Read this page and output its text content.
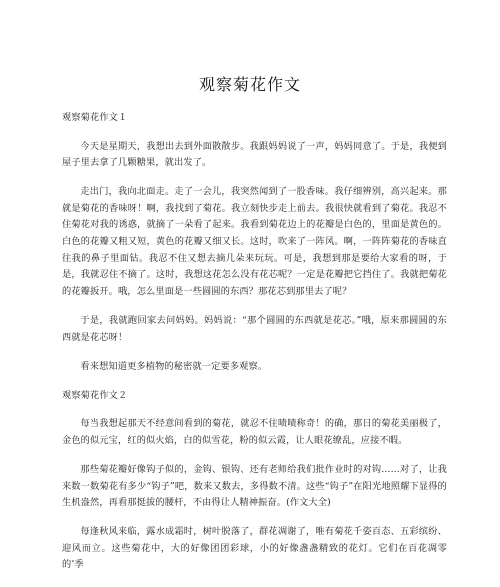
观察菊花作文

观察菊花作文１

今天是星期天，我想出去到外面散散步。我跟妈妈说了一声，妈妈同意了。于是，我便到屋子里去拿了几颗糖果，就出发了。

走出门，我向北面走。走了一会儿，我突然闻到了一股香味。我仔细辨别，高兴起来。那就是菊花的香味呀！啊，我找到了菊花。我立刻快步走上前去。我很快就看到了菊花。我忍不住菊花对我的诱惑，就摘了一朵看了起来。我看到菊花边上的花瓣是白色的，里面是黄色的。白色的花瓣又粗又短，黄色的花瓣又细又长。这时，吹来了一阵风。啊，一阵阵菊花的香味直往我的鼻子里面钻。我忍不住又想去摘几朵来玩玩。可是，我想到那是要给大家看的呀，于是，我就忍住不摘了。这时，我想这花怎么没有花芯呢？一定是花瓣把它挡住了。我就把菊花的花瓣扳开。哦，怎么里面是一些圆圆的东西？那花芯到那里去了呢？

于是，我就跑回家去问妈妈。妈妈说：“那个圆圆的东西就是花芯。”哦，原来那圆圆的东西就是花芯呀！

看来想知道更多植物的秘密就一定要多观察。

观察菊花作文２

每当我想起那天不经意间看到的菊花，就忍不住啧啧称奇！的确，那日的菊花美丽极了，金色的似元宝，红的似火焰，白的似雪花，粉的似云霞，让人眼花缭乱，应接不暇。

那些菊花瓣好像钩子似的，金钩、银钩、还有老师给我们批作业时的对钩……对了，让我来数一数菊花有多少“钩子”吧，数来又数去，多得数不清。这些“钩子”在阳光地照耀下显得的生机盎然，再看那挺拔的腰杆，不由得让人精神振奋。(作文大全)

每逢秋风来临，露水成霜时，树叶脱落了，群花凋谢了，唯有菊花千姿百态、五彩缤纷、迎风而立。这些菊花中，大的好像团团彩球，小的好像盏盏精致的花灯。它们在百花凋零的’季
